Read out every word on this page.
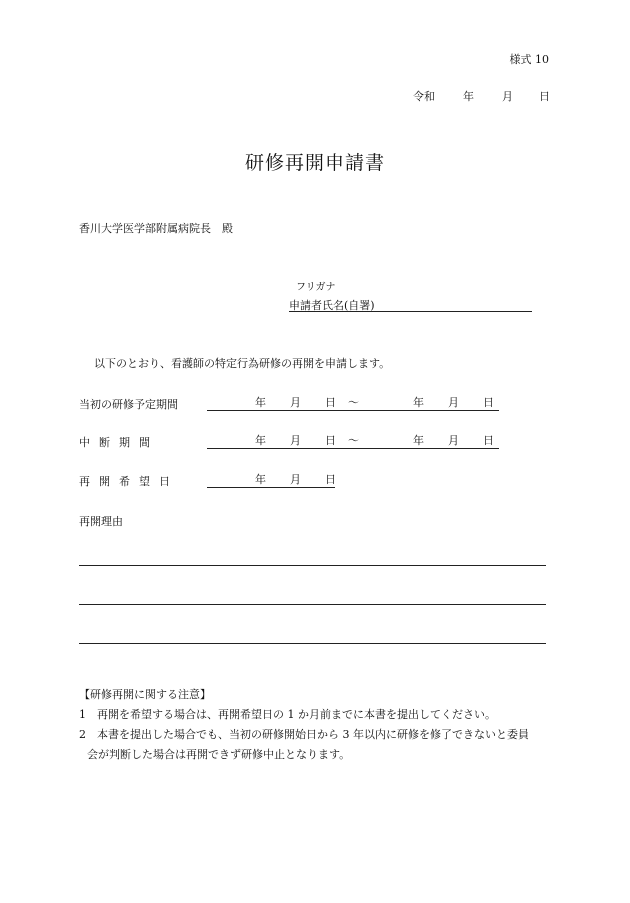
様式 10
令和	年	月 日
研修再開申請書
香川大学医学部附属病院長　殿
フリガナ
申請者氏名(自署)
以下のとおり、看護師の特定行為研修の再開を申請します。
当初の研修予定期間	年 月 日 〜	年 月 日
中断期間	年 月 日 〜	年 月 日
再開希望日	年 月 日
再開理由
【研修再開に関する注意】
1	再開を希望する場合は、再開希望日の 1 か月前までに本書を提出してください。
2	本書を提出した場合でも、当初の研修開始日から 3 年以内に研修を修了できないと委員
会が判断した場合は再開できず研修中止となります。
